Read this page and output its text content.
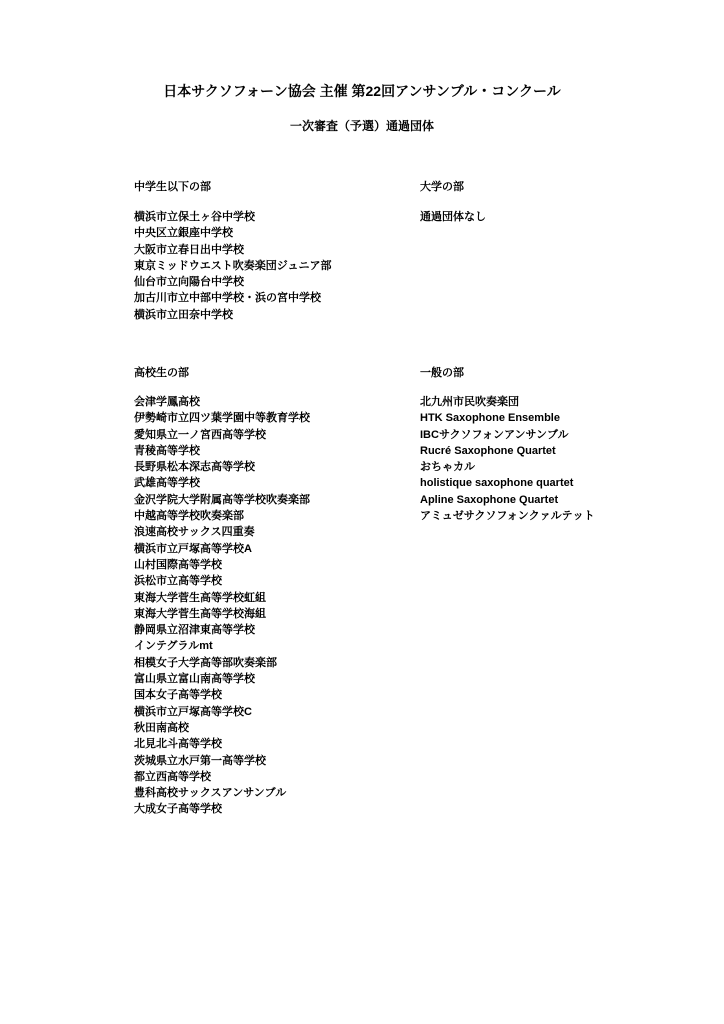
日本サクソフォーン協会 主催 第22回アンサンブル・コンクール
一次審査（予選）通過団体
中学生以下の部
横浜市立保土ヶ谷中学校
中央区立銀座中学校
大阪市立春日出中学校
東京ミッドウエスト吹奏楽団ジュニア部
仙台市立向陽台中学校
加古川市立中部中学校・浜の宮中学校
横浜市立田奈中学校
大学の部
通過団体なし
高校生の部
会津学鳳高校
伊勢崎市立四ツ葉学園中等教育学校
愛知県立一ノ宮西高等学校
青稜高等学校
長野県松本深志高等学校
武雄高等学校
金沢学院大学附属高等学校吹奏楽部
中越高等学校吹奏楽部
浪速高校サックス四重奏
横浜市立戸塚高等学校A
山村国際高等学校
浜松市立高等学校
東海大学菅生高等学校虹組
東海大学菅生高等学校海組
静岡県立沼津東高等学校
インテグラルmt
相模女子大学高等部吹奏楽部
富山県立富山南高等学校
国本女子高等学校
横浜市立戸塚高等学校C
秋田南高校
北見北斗高等学校
茨城県立水戸第一高等学校
都立西高等学校
豊科高校サックスアンサンブル
大成女子高等学校
一般の部
北九州市民吹奏楽団
HTK Saxophone Ensemble
IBCサクソフォンアンサンブル
Rucré Saxophone Quartet
おちゃカル
holistique saxophone quartet
Apline Saxophone Quartet
アミュゼサクソフォンクァルテット
